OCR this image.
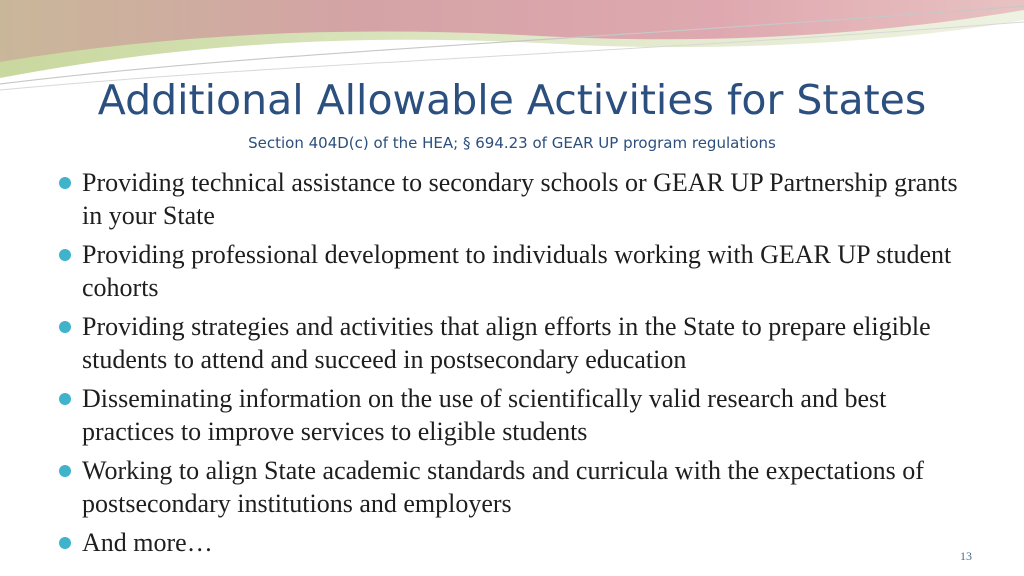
Additional Allowable Activities for States
Section 404D(c) of the HEA; § 694.23 of GEAR UP program regulations
Providing technical assistance to secondary schools or GEAR UP Partnership grants in your State
Providing professional development to individuals working with GEAR UP student cohorts
Providing strategies and activities that align efforts in the State to prepare eligible students to attend and succeed in postsecondary education
Disseminating information on the use of scientifically valid research and best practices to improve services to eligible students
Working to align State academic standards and curricula with the expectations of postsecondary institutions and employers
And more…	13
